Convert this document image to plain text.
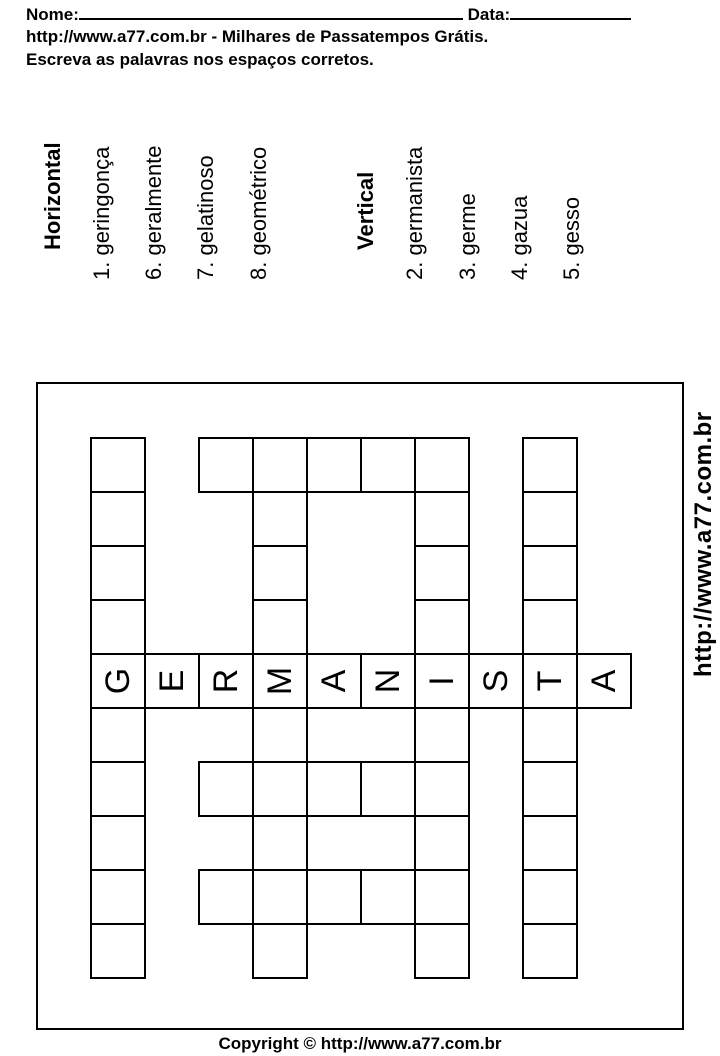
Nome:	Data:
http://www.a77.com.br - Milhares de Passatempos Grátis.
Escreva as palavras nos espaços corretos.
Horizontal 1. geringonça 6. geralmente 7. gelatinoso 8. geométrico	Vertical 2. germanista 3. germe 4. gazua 5. gesso
G E R M A N I S T A
http://www.a77.com.br
Copyright © http://www.a77.com.br
